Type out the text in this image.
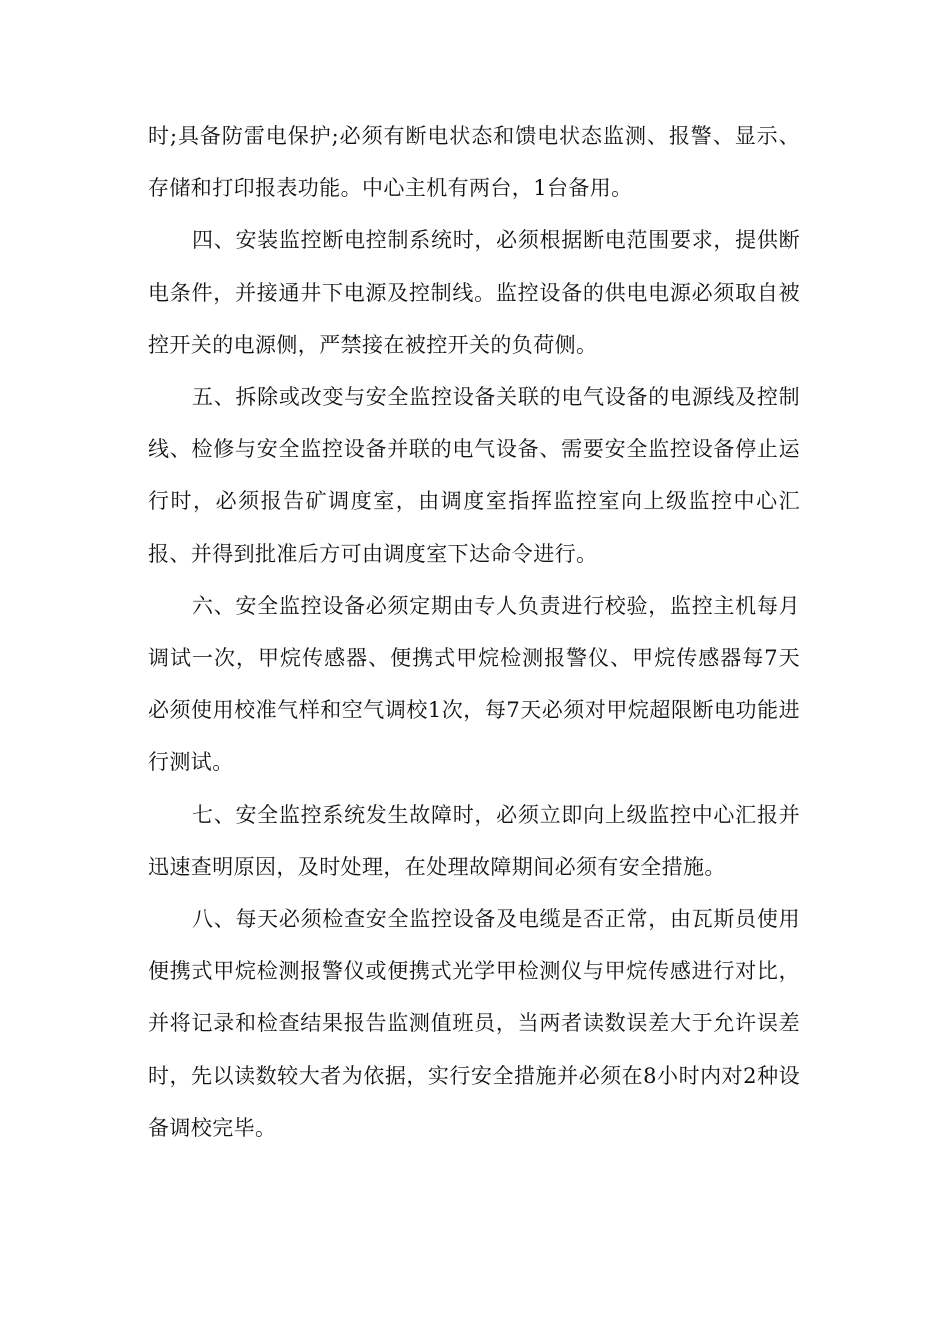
时;具备防雷电保护;必须有断电状态和馈电状态监测、报警、显示、存储和打印报表功能。中心主机有两台，1台备用。

四、安装监控断电控制系统时，必须根据断电范围要求，提供断电条件，并接通井下电源及控制线。监控设备的供电电源必须取自被控开关的电源侧，严禁接在被控开关的负荷侧。

五、拆除或改变与安全监控设备关联的电气设备的电源线及控制线、检修与安全监控设备并联的电气设备、需要安全监控设备停止运行时，必须报告矿调度室，由调度室指挥监控室向上级监控中心汇报、并得到批准后方可由调度室下达命令进行。

六、安全监控设备必须定期由专人负责进行校验，监控主机每月调试一次，甲烷传感器、便携式甲烷检测报警仪、甲烷传感器每7天必须使用校准气样和空气调校1次，每7天必须对甲烷超限断电功能进行测试。

七、安全监控系统发生故障时，必须立即向上级监控中心汇报并迅速查明原因，及时处理，在处理故障期间必须有安全措施。

八、每天必须检查安全监控设备及电缆是否正常，由瓦斯员使用便携式甲烷检测报警仪或便携式光学甲检测仪与甲烷传感进行对比，并将记录和检查结果报告监测值班员，当两者读数误差大于允许误差时，先以读数较大者为依据，实行安全措施并必须在8小时内对2种设备调校完毕。
